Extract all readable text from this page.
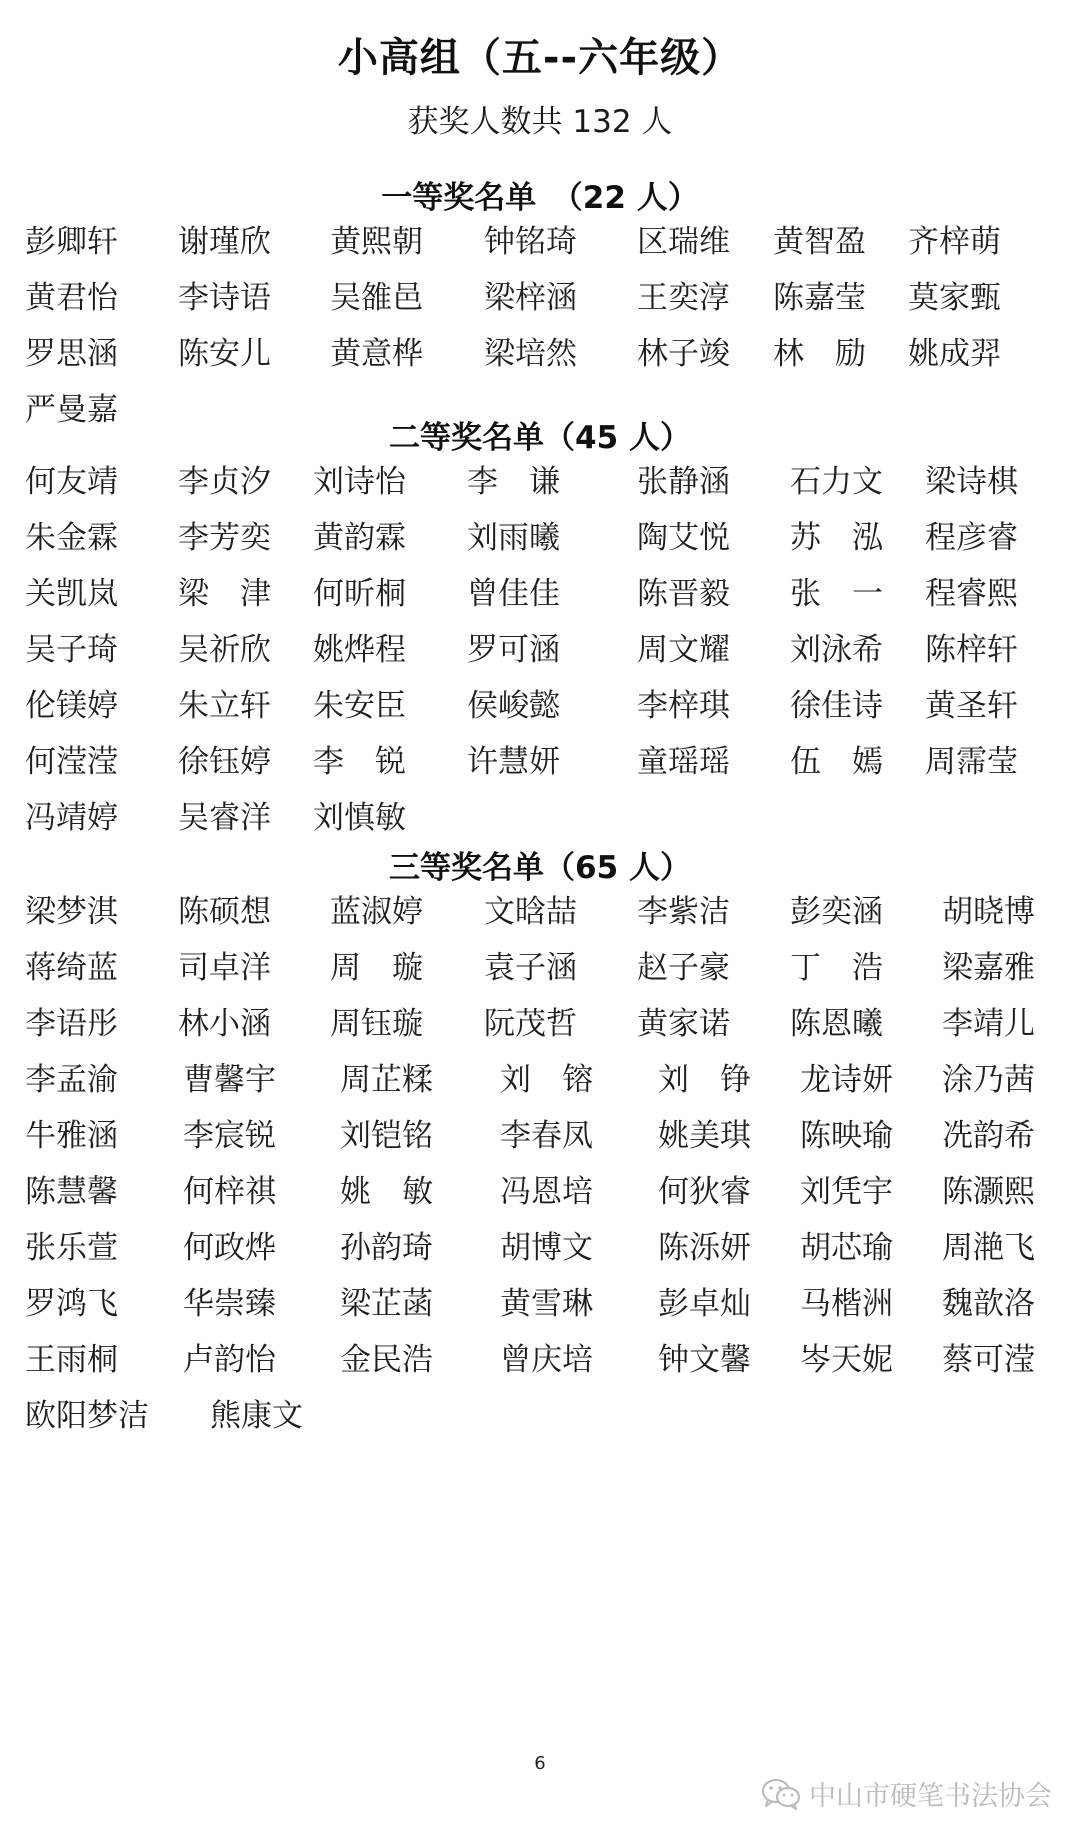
小高组（五--六年级）
获奖人数共 132 人
一等奖名单　（22 人）
彭卿轩 谢瑾欣 黄熙朝 钟铭琦 区瑞维 黄智盈 齐梓萌
黄君怡 李诗语 吴雒邑 梁梓涵 王奕淳 陈嘉莹 莫家甄
罗思涵 陈安儿 黄意桦 梁培然 林子竣 林　励 姚成羿
严曼嘉
二等奖名单（45 人）
何友靖 李贞汐 刘诗怡 李　谦 张静涵 石力文 梁诗棋
朱金霖 李芳奕 黄韵霖 刘雨曦 陶艾悦 苏　泓 程彦睿
关凯岚 梁　津 何昕桐 曾佳佳 陈晋毅 张　一 程睿熙
吴子琦 吴祈欣 姚烨程 罗可涵 周文耀 刘泳希 陈梓轩
伦镁婷 朱立轩 朱安臣 侯峻懿 李梓琪 徐佳诗 黄圣轩
何滢滢 徐钰婷 李　锐 许慧妍 童瑶瑶 伍　嫣 周霈莹
冯靖婷 吴睿洋 刘慎敏
三等奖名单（65 人）
梁梦淇 陈硕想 蓝淑婷 文晗喆 李紫洁 彭奕涵 胡晓博
蒋绮蓝 司卓洋 周　璇 袁子涵 赵子豪 丁　浩 梁嘉雅
李语彤 林小涵 周钰璇 阮茂哲 黄家诺 陈恩曦 李靖儿
李孟渝 曹馨宇 周芷糅 刘　镕 刘　铮 龙诗妍 涂乃茜
牛雅涵 李宸锐 刘铠铭 李春凤 姚美琪 陈映瑜 冼韵希
陈慧馨 何梓祺 姚　敏 冯恩培 何狄睿 刘凭宇 陈灏熙
张乐萱 何政烨 孙韵琦 胡博文 陈泺妍 胡芯瑜 周滟飞
罗鸿飞 华崇臻 梁芷菡 黄雪琳 彭卓灿 马楷洲 魏歆洛
王雨桐 卢韵怡 金民浩 曾庆培 钟文馨 岑天妮 蔡可滢
欧阳梦洁 熊康文
6
中山市硬笔书法协会
